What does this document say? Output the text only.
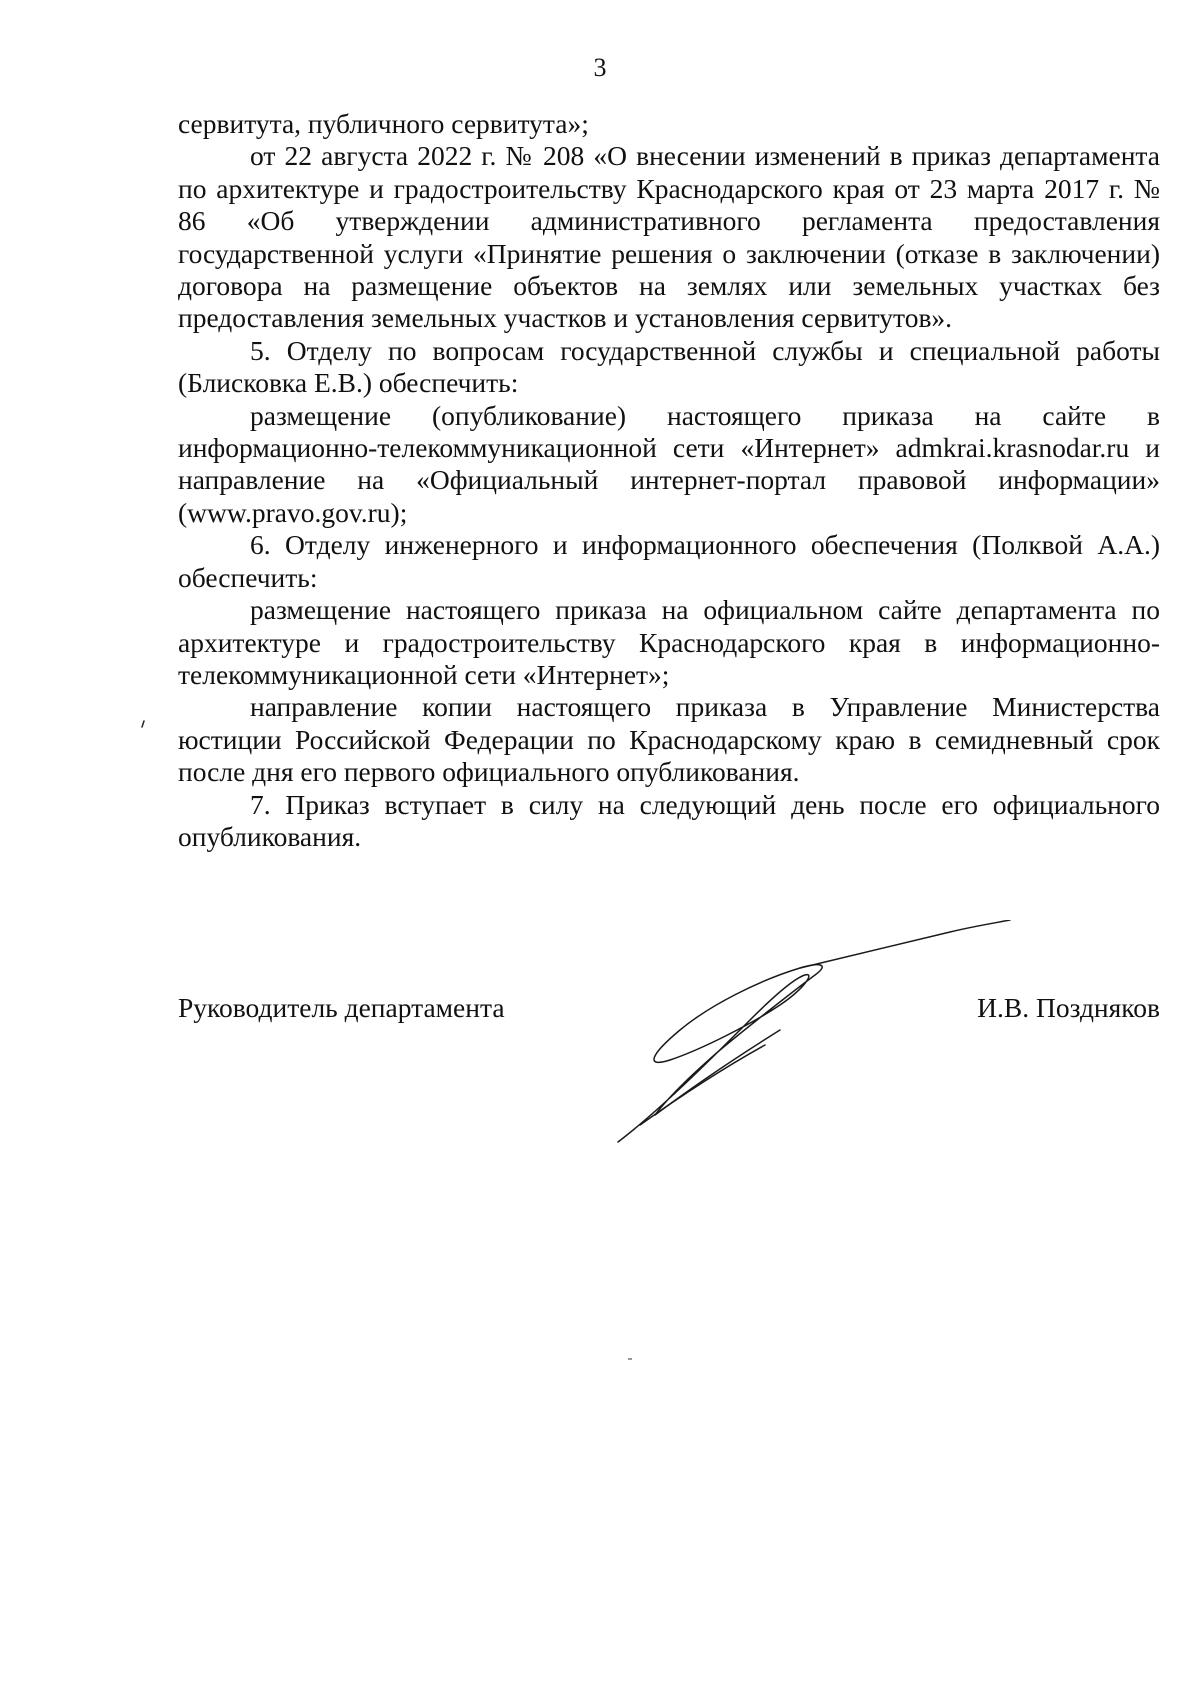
3

сервитута, публичного сервитута»;

от 22 августа 2022 г. № 208 «О внесении изменений в приказ департамента по архитектуре и градостроительству Краснодарского края от 23 марта 2017 г. № 86 «Об утверждении административного регламента предоставления государственной услуги «Принятие решения о заключении (отказе в заключении) договора на размещение объектов на землях или земельных участках без предоставления земельных участков и установления сервитутов».

5. Отделу по вопросам государственной службы и специальной работы (Блисковка Е.В.) обеспечить:

размещение (опубликование) настоящего приказа на сайте в информационно-телекоммуникационной сети «Интернет» admkrai.krasnodar.ru и направление на «Официальный интернет-портал правовой информации» (www.pravo.gov.ru);

6. Отделу инженерного и информационного обеспечения (Полквой А.А.) обеспечить:

размещение настоящего приказа на официальном сайте департамента по архитектуре и градостроительству Краснодарского края в информационно-телекоммуникационной сети «Интернет»;

направление копии настоящего приказа в Управление Министерства юстиции Российской Федерации по Краснодарскому краю в семидневный срок после дня его первого официального опубликования.

7. Приказ вступает в силу на следующий день после его официального опубликования.

Руководитель департамента	И.В. Поздняков
